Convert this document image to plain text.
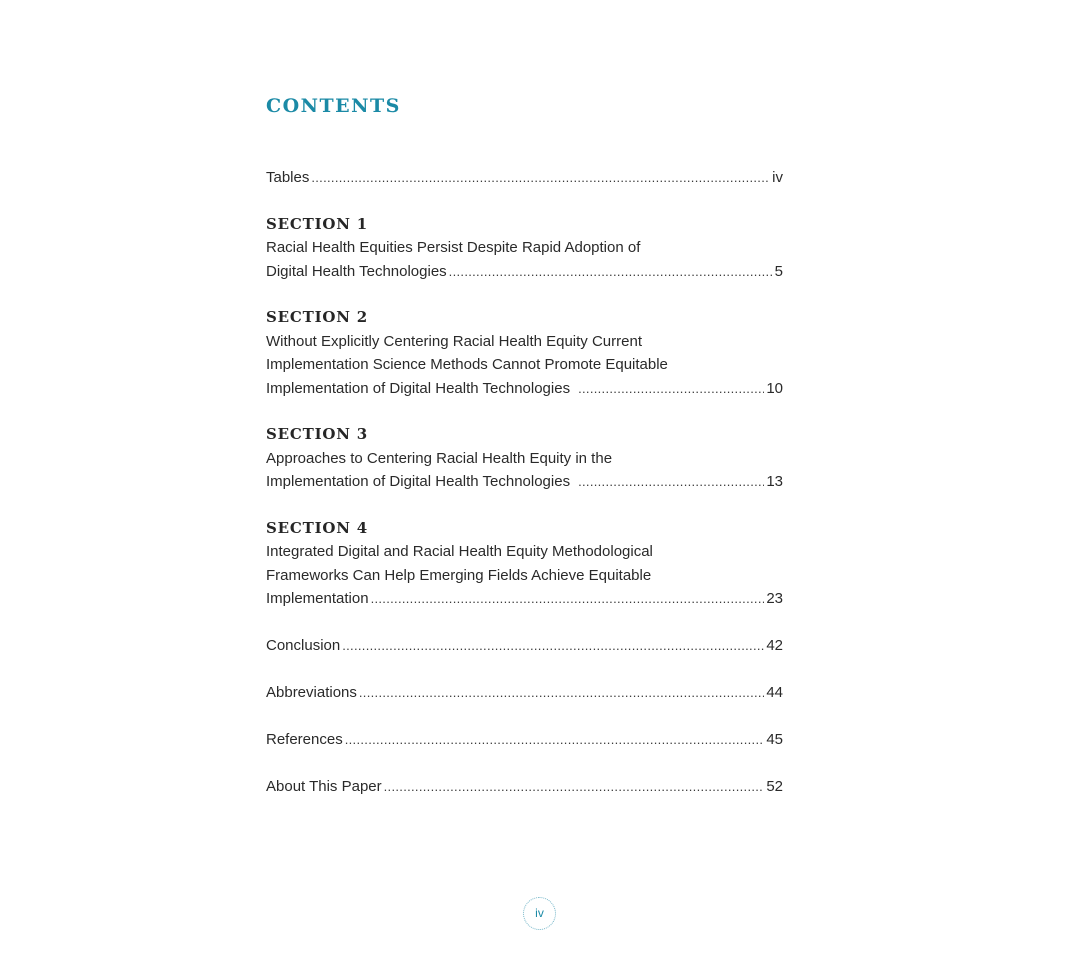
CONTENTS
Tables .....	iv
SECTION 1
Racial Health Equities Persist Despite Rapid Adoption of
Digital Health Technologies .....	5
SECTION 2
Without Explicitly Centering Racial Health Equity Current
Implementation Science Methods Cannot Promote Equitable
Implementation of Digital Health Technologies .....	10
SECTION 3
Approaches to Centering Racial Health Equity in the
Implementation of Digital Health Technologies .....	13
SECTION 4
Integrated Digital and Racial Health Equity Methodological
Frameworks Can Help Emerging Fields Achieve Equitable
Implementation .....	23
Conclusion .....	42
Abbreviations .....	44
References .....	45
About This Paper .....	52
iv
